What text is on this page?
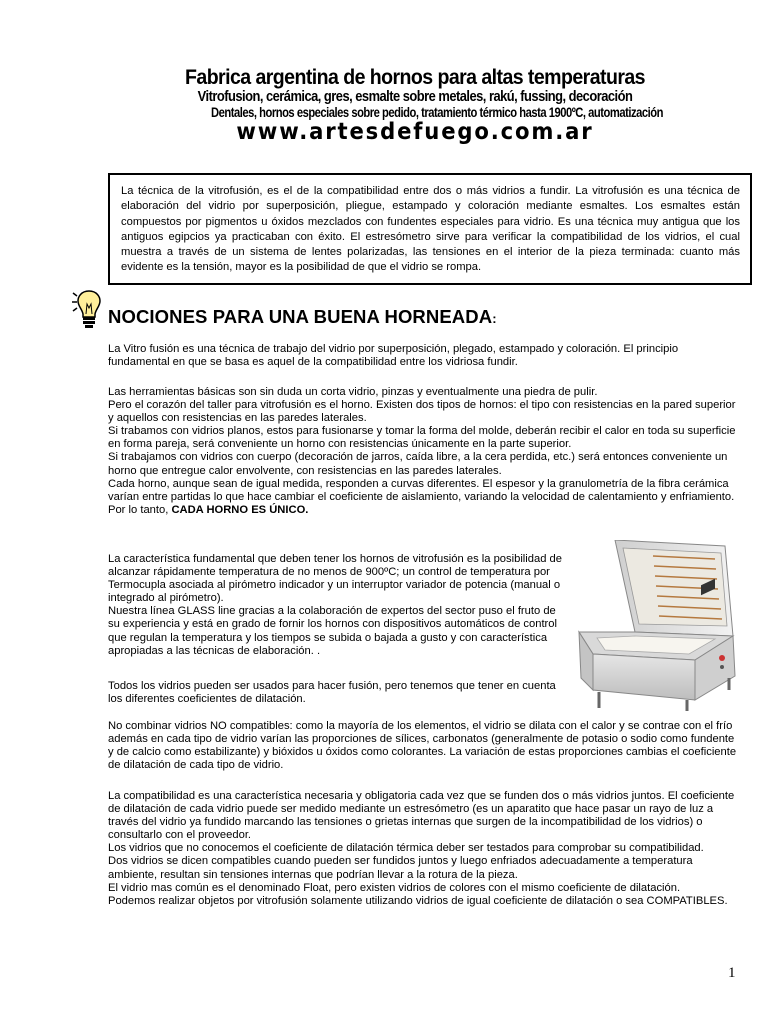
Fabrica argentina de hornos para altas temperaturas
Vitrofusion, cerámica, gres, esmalte sobre metales, rakú, fussing, decoración
Dentales, hornos especiales sobre pedido, tratamiento térmico hasta 1900ºC, automatización
www.artesdefuego.com.ar
La técnica de la vitrofusión, es el de la compatibilidad entre dos o más vidrios a fundir. La vitrofusión es una técnica de elaboración del vidrio por superposición, pliegue, estampado y coloración mediante esmaltes. Los esmaltes están compuestos por pigmentos u óxidos mezclados con fundentes especiales para vidrio. Es una técnica muy antigua que los antiguos egipcios ya practicaban con éxito. El estresómetro sirve para verificar la compatibilidad de los vidrios, el cual muestra a través de un sistema de lentes polarizadas, las tensiones en el interior de la pieza terminada: cuanto más evidente es la tensión, mayor es la posibilidad de que el vidrio se rompa.
NOCIONES PARA UNA BUENA HORNEADA:

La Vitro fusión es una técnica de trabajo del vidrio por superposición, plegado, estampado y coloración. El principio fundamental en que se basa es aquel de la compatibilidad entre los vidriosa fundir.

Las herramientas básicas son sin duda un corta vidrio, pinzas y eventualmente una piedra de pulir.

Pero el corazón del taller para vitrofusión es el horno. Existen dos tipos de hornos: el tipo con resistencias en la pared superior y aquellos con resistencias en las paredes laterales.

Si trabamos con vidrios planos, estos para fusionarse y tomar la forma del molde, deberán recibir el calor en toda su superficie en forma pareja, será conveniente un horno con resistencias únicamente en la parte superior.

Si trabajamos con vidrios con cuerpo (decoración de jarros, caída libre, a la cera perdida, etc.) será entonces conveniente un horno que entregue calor envolvente, con resistencias en las paredes laterales.

Cada horno, aunque sean de igual medida, responden a curvas diferentes. El espesor y la granulometría de la fibra cerámica varían entre partidas lo que hace cambiar el coeficiente de aislamiento, variando la velocidad de calentamiento y enfriamiento.

Por lo tanto, CADA HORNO ES ÚNICO.

La característica fundamental que deben tener los hornos de vitrofusión es la posibilidad de alcanzar rápidamente temperatura de no menos de 900ºC; un control de temperatura por Termocupla asociada al pirómetro indicador y un interruptor variador de potencia (manual o integrado al pirómetro).

Nuestra línea GLASS line gracias a la colaboración de expertos del sector puso el fruto de su experiencia y está en grado de fornir los hornos con dispositivos automáticos de control que regulan la temperatura y los tiempos se subida o bajada a gusto y con característica apropiadas a las técnicas de elaboración. .

Todos los vidrios pueden ser usados para hacer fusión, pero tenemos que tener en cuenta los diferentes coeficientes de dilatación.

No combinar vidrios NO compatibles: como la mayoría de los elementos, el vidrio se dilata con el calor y se contrae con el frío además en cada tipo de vidrio varían las proporciones de sílices, carbonatos (generalmente de potasio o sodio como fundente y de calcio como estabilizante) y bióxidos u óxidos como colorantes. La variación de estas proporciones cambias el coeficiente de dilatación de cada tipo de vidrio.

La compatibilidad es una característica necesaria y obligatoria cada vez que se funden dos o más vidrios juntos. El coeficiente de dilatación de cada vidrio puede ser medido mediante un estresómetro (es un aparatito que hace pasar un rayo de luz a través del vidrio ya fundido marcando las tensiones o grietas internas que surgen de la incompatibilidad de los vidrios) o consultarlo con el proveedor.

Los vidrios que no conocemos el coeficiente de dilatación térmica deber ser testados para comprobar su compatibilidad.

Dos vidrios se dicen compatibles cuando pueden ser fundidos juntos y luego enfriados adecuadamente a temperatura ambiente, resultan sin tensiones internas que podrían llevar a la rotura de la pieza.

El vidrio mas común es el denominado Float, pero existen vidrios de colores con el mismo coeficiente de dilatación.

Podemos realizar objetos por vitrofusión solamente utilizando vidrios de igual coeficiente de dilatación o sea COMPATIBLES.

1
